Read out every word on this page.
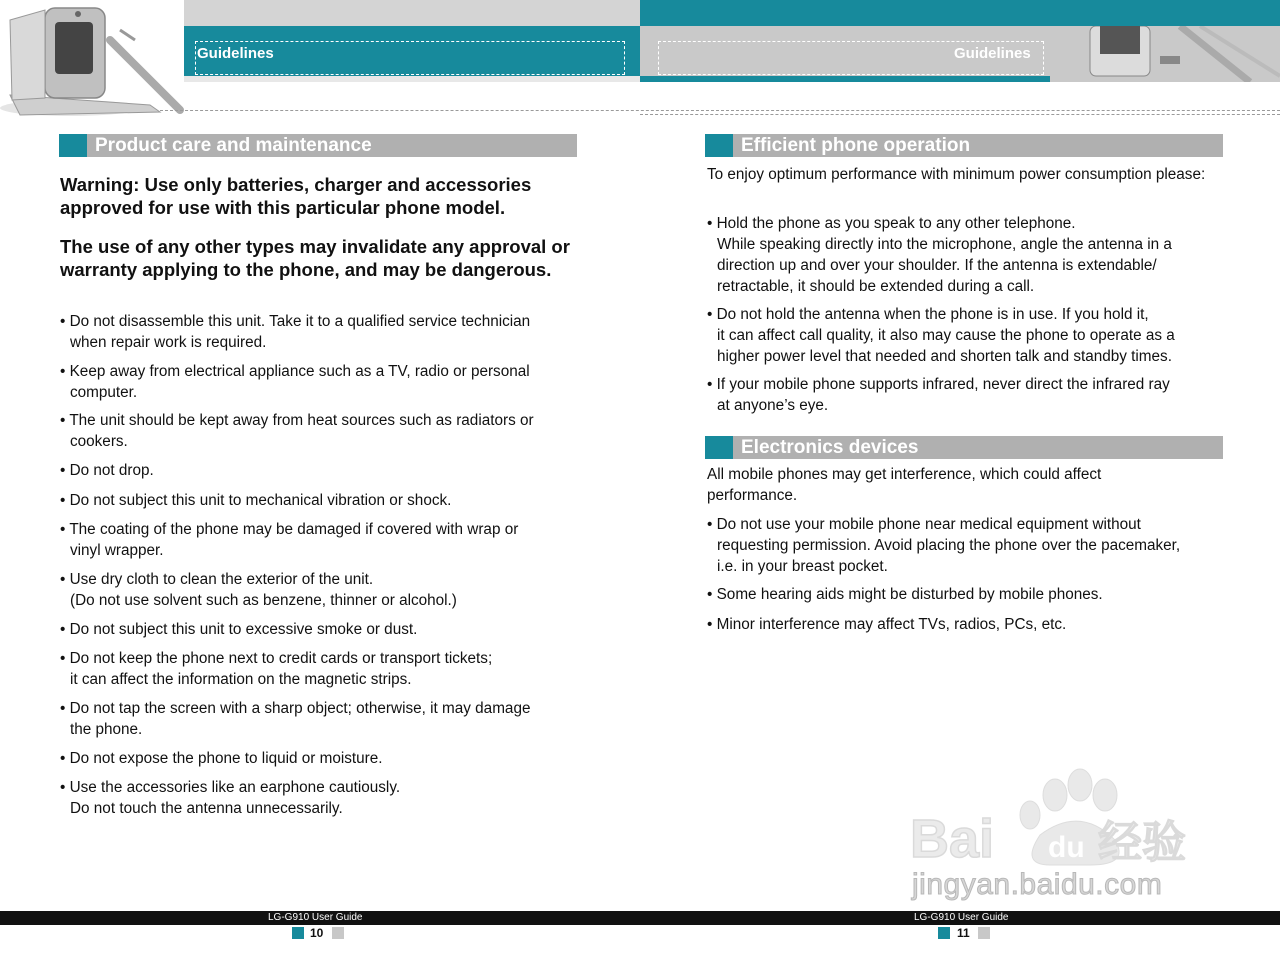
Guidelines	Guidelines
Product care and maintenance
Warning: Use only batteries, charger and accessories approved for use with this particular phone model.
The use of any other types may invalidate any approval or warranty applying to the phone, and may be dangerous.
• Do not disassemble this unit. Take it to a qualified service technician
when repair work is required.
• Keep away from electrical appliance such as a TV, radio or personal
computer.
• The unit should be kept away from heat sources such as radiators or
cookers.
• Do not drop.
• Do not subject this unit to mechanical vibration or shock.
• The coating of the phone may be damaged if covered with wrap or
vinyl wrapper.
• Use dry cloth to clean the exterior of the unit.
(Do not use solvent such as benzene, thinner or alcohol.)
• Do not subject this unit to excessive smoke or dust.
• Do not keep the phone next to credit cards or transport tickets;
it can affect the information on the magnetic strips.
• Do not tap the screen with a sharp object; otherwise, it may damage
the phone.
• Do not expose the phone to liquid or moisture.
• Use the accessories like an earphone cautiously.
Do not touch the antenna unnecessarily.
Efficient phone operation
To enjoy optimum performance with minimum power consumption please:
• Hold the phone as you speak to any other telephone.
While speaking directly into the microphone, angle the antenna in a
direction up and over your shoulder. If the antenna is extendable/
retractable, it should be extended during a call.
• Do not hold the antenna when the phone is in use. If you hold it,
it can affect call quality, it also may cause the phone to operate as a
higher power level that needed and shorten talk and standby times.
• If your mobile phone supports infrared, never direct the infrared ray
at anyone’s eye.
Electronics devices
All mobile phones may get interference, which could affect performance.
• Do not use your mobile phone near medical equipment without
requesting permission. Avoid placing the phone over the pacemaker,
i.e. in your breast pocket.
• Some hearing aids might be disturbed by mobile phones.
• Minor interference may affect TVs, radios, PCs, etc.
Bai du 经验
jingyan.baidu.com
LG-G910 User Guide	LG-G910 User Guide
10	11
